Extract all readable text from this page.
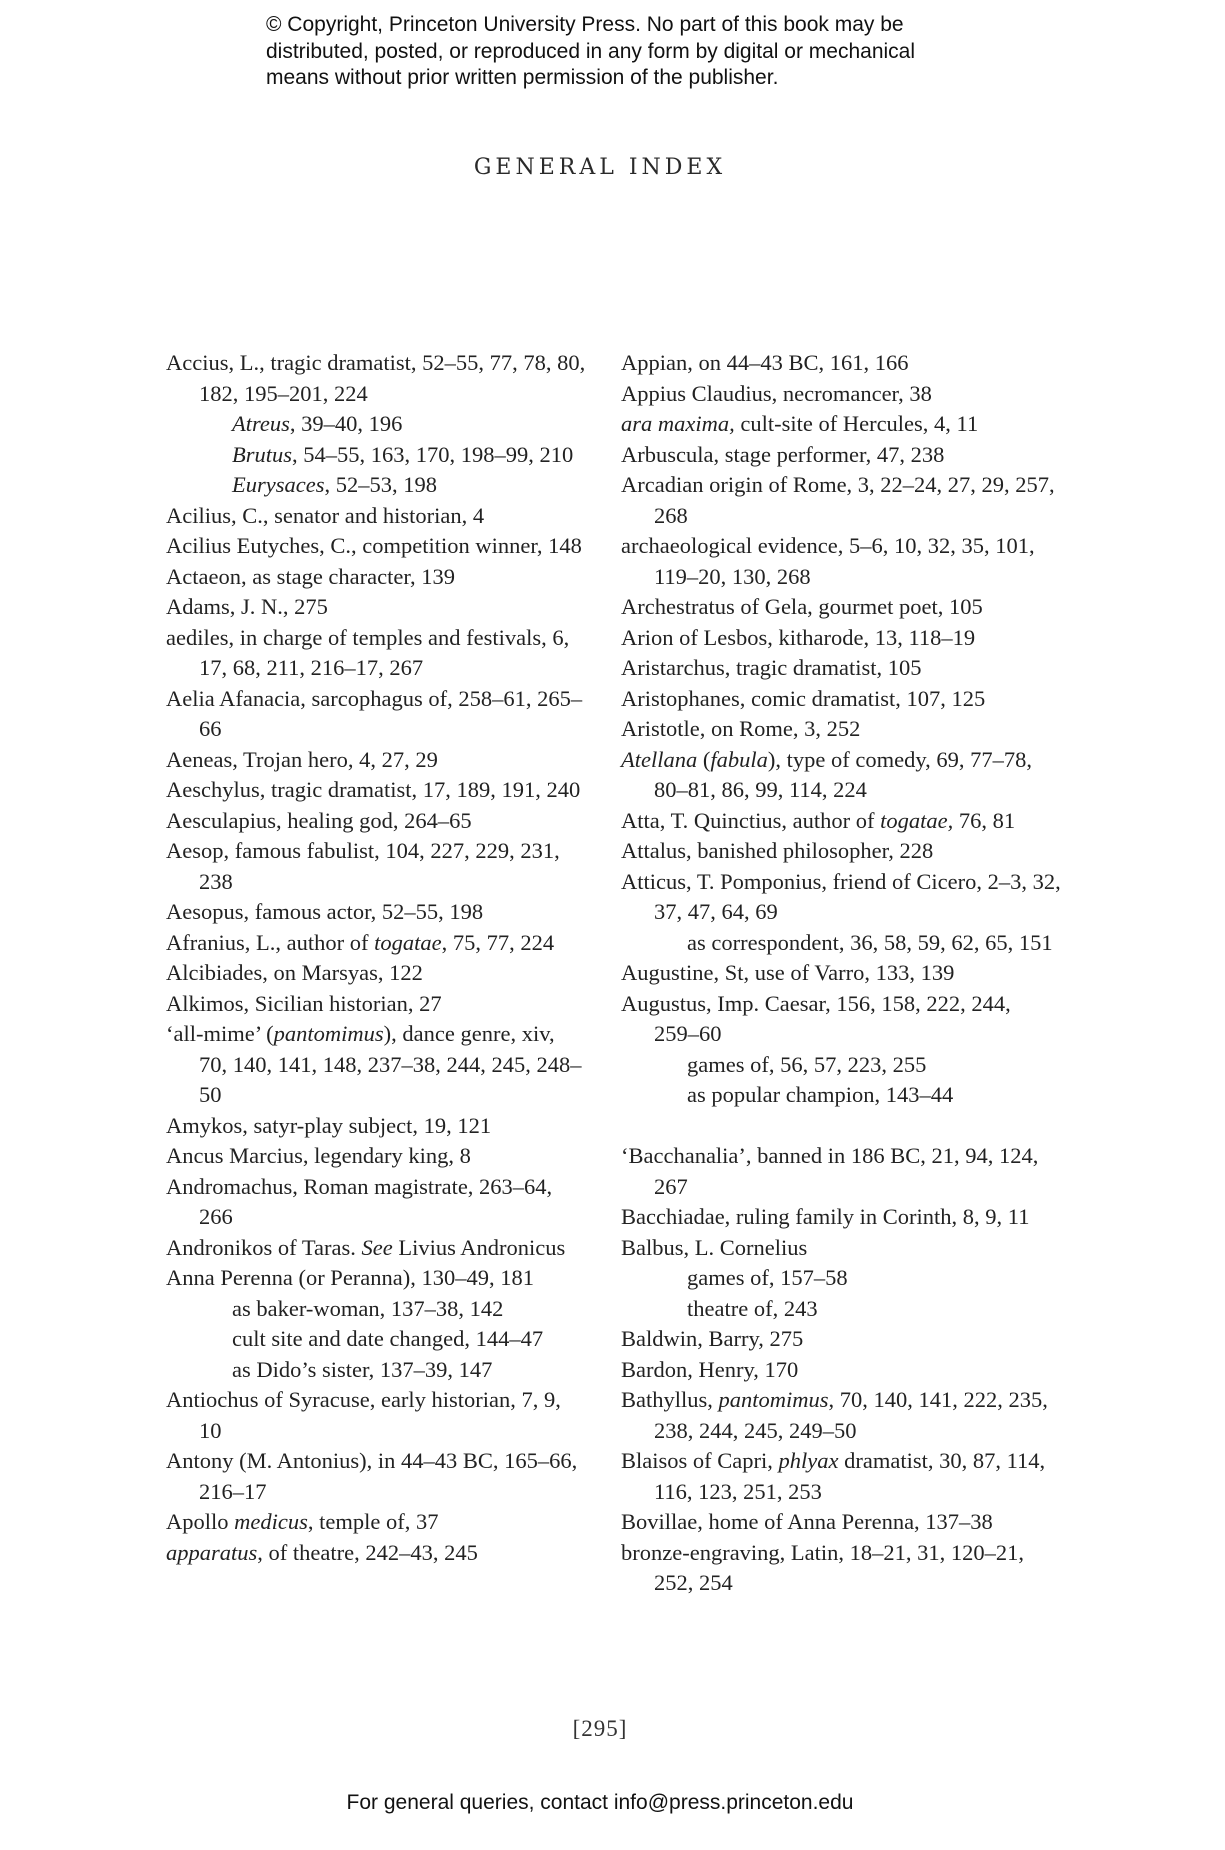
© Copyright, Princeton University Press. No part of this book may be
distributed, posted, or reproduced in any form by digital or mechanical
means without prior written permission of the publisher.
GENERAL INDEX
Accius, L., tragic dramatist, 52–55, 77, 78, 80, 182, 195–201, 224
Atreus, 39–40, 196
Brutus, 54–55, 163, 170, 198–99, 210
Eurysaces, 52–53, 198
Acilius, C., senator and historian, 4
Acilius Eutyches, C., competition winner, 148
Actaeon, as stage character, 139
Adams, J. N., 275
aediles, in charge of temples and festivals, 6, 17, 68, 211, 216–17, 267
Aelia Afanacia, sarcophagus of, 258–61, 265–66
Aeneas, Trojan hero, 4, 27, 29
Aeschylus, tragic dramatist, 17, 189, 191, 240
Aesculapius, healing god, 264–65
Aesop, famous fabulist, 104, 227, 229, 231, 238
Aesopus, famous actor, 52–55, 198
Afranius, L., author of togatae, 75, 77, 224
Alcibiades, on Marsyas, 122
Alkimos, Sicilian historian, 27
‘all-mime’ (pantomimus), dance genre, xiv, 70, 140, 141, 148, 237–38, 244, 245, 248–50
Amykos, satyr-play subject, 19, 121
Ancus Marcius, legendary king, 8
Andromachus, Roman magistrate, 263–64, 266
Andronikos of Taras. See Livius Andronicus
Anna Perenna (or Peranna), 130–49, 181
as baker-woman, 137–38, 142
cult site and date changed, 144–47
as Dido’s sister, 137–39, 147
Antiochus of Syracuse, early historian, 7, 9, 10
Antony (M. Antonius), in 44–43 BC, 165–66, 216–17
Apollo medicus, temple of, 37
apparatus, of theatre, 242–43, 245
Appian, on 44–43 BC, 161, 166
Appius Claudius, necromancer, 38
ara maxima, cult-site of Hercules, 4, 11
Arbuscula, stage performer, 47, 238
Arcadian origin of Rome, 3, 22–24, 27, 29, 257, 268
archaeological evidence, 5–6, 10, 32, 35, 101, 119–20, 130, 268
Archestratus of Gela, gourmet poet, 105
Arion of Lesbos, kitharode, 13, 118–19
Aristarchus, tragic dramatist, 105
Aristophanes, comic dramatist, 107, 125
Aristotle, on Rome, 3, 252
Atellana (fabula), type of comedy, 69, 77–78, 80–81, 86, 99, 114, 224
Atta, T. Quinctius, author of togatae, 76, 81
Attalus, banished philosopher, 228
Atticus, T. Pomponius, friend of Cicero, 2–3, 32, 37, 47, 64, 69
as correspondent, 36, 58, 59, 62, 65, 151
Augustine, St, use of Varro, 133, 139
Augustus, Imp. Caesar, 156, 158, 222, 244, 259–60
games of, 56, 57, 223, 255
as popular champion, 143–44
‘Bacchanalia’, banned in 186 BC, 21, 94, 124, 267
Bacchiadae, ruling family in Corinth, 8, 9, 11
Balbus, L. Cornelius
games of, 157–58
theatre of, 243
Baldwin, Barry, 275
Bardon, Henry, 170
Bathyllus, pantomimus, 70, 140, 141, 222, 235, 238, 244, 245, 249–50
Blaisos of Capri, phlyax dramatist, 30, 87, 114, 116, 123, 251, 253
Bovillae, home of Anna Perenna, 137–38
bronze-engraving, Latin, 18–21, 31, 120–21, 252, 254
[295]
For general queries, contact info@press.princeton.edu
